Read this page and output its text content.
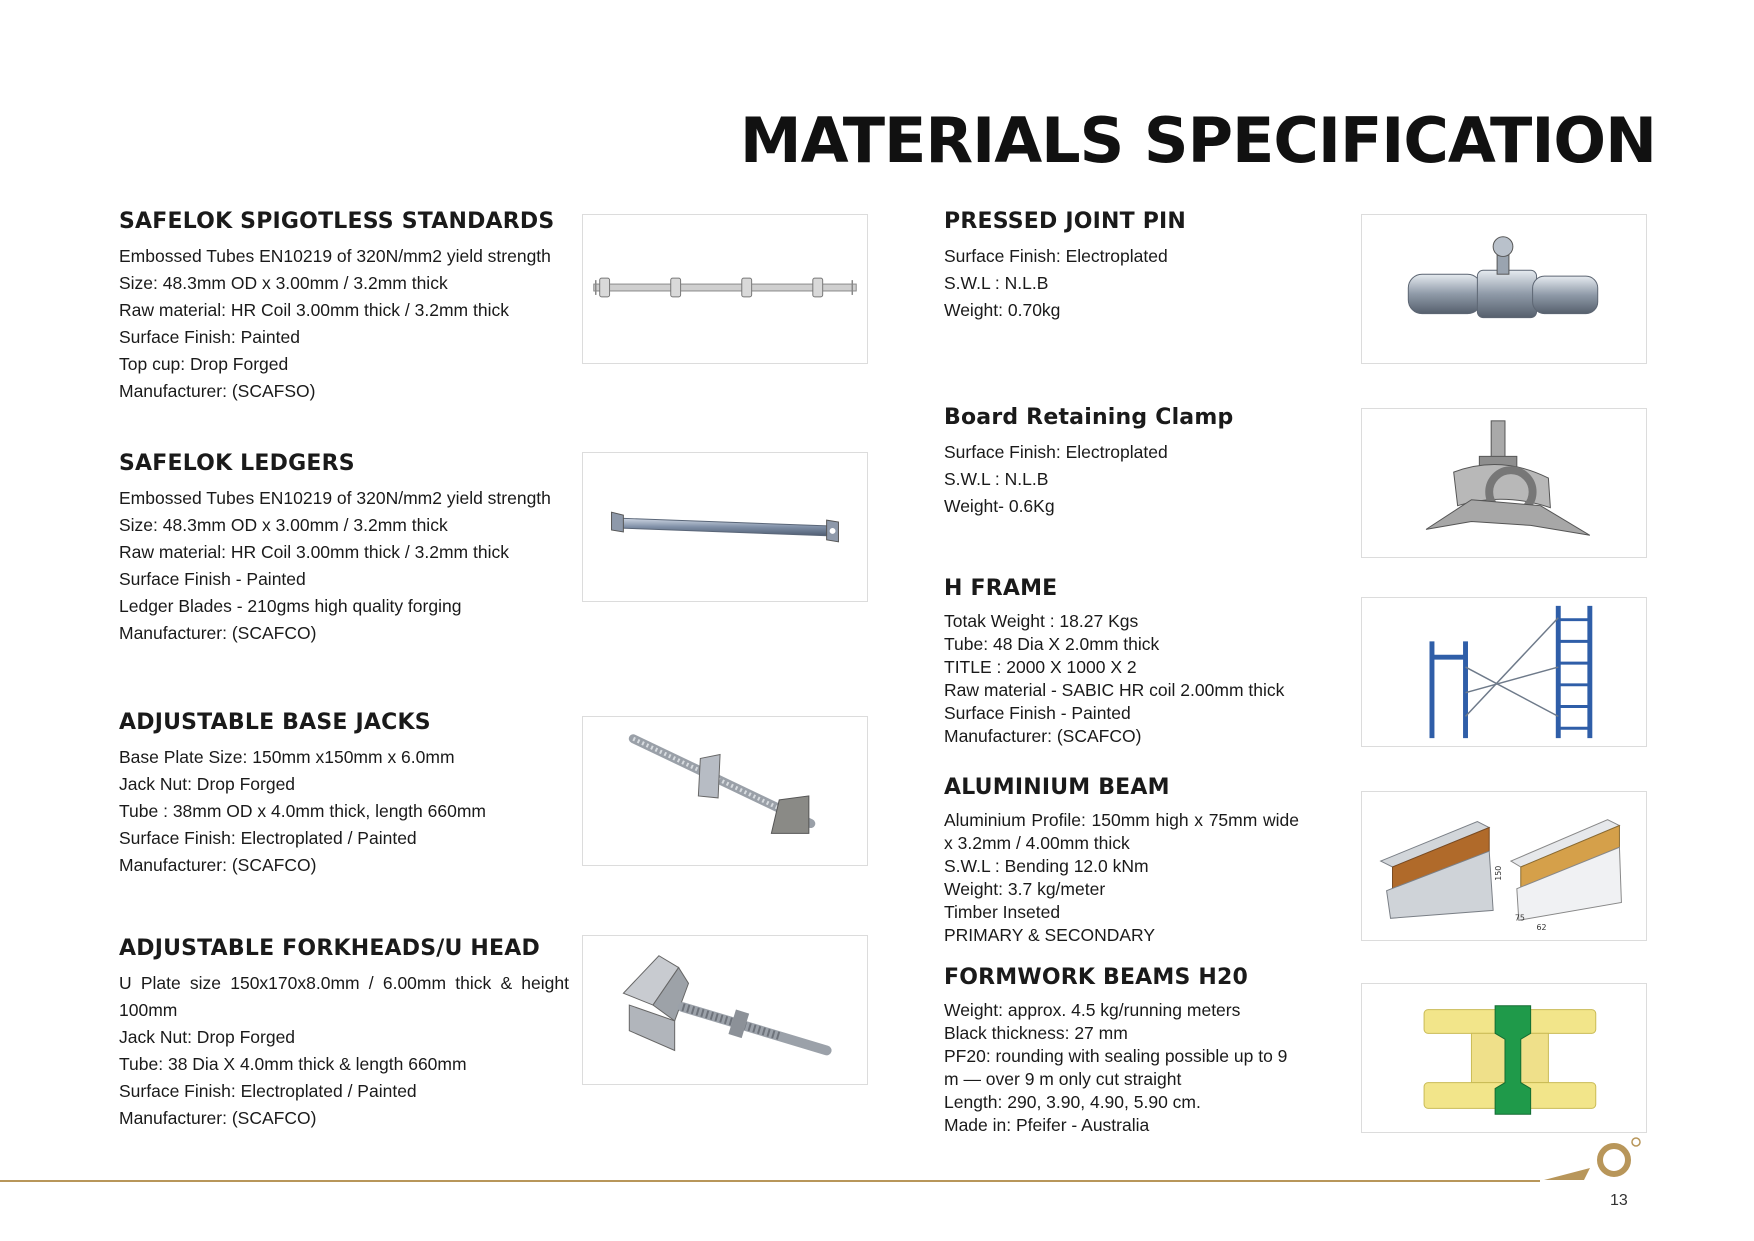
MATERIALS SPECIFICATION
SAFELOK SPIGOTLESS STANDARDS
Embossed Tubes EN10219 of 320N/mm2 yield strength
Size: 48.3mm OD x 3.00mm / 3.2mm thick
Raw material: HR Coil 3.00mm thick / 3.2mm thick
Surface Finish: Painted
Top cup: Drop Forged
Manufacturer: (SCAFSO)
SAFELOK LEDGERS
Embossed Tubes EN10219 of 320N/mm2 yield strength
Size: 48.3mm OD x 3.00mm / 3.2mm thick
Raw material: HR Coil 3.00mm thick / 3.2mm thick
Surface Finish - Painted
Ledger Blades - 210gms high quality forging
Manufacturer: (SCAFCO)
ADJUSTABLE BASE JACKS
Base Plate Size: 150mm x150mm x 6.0mm
Jack Nut: Drop Forged
Tube : 38mm OD x 4.0mm thick, length 660mm
Surface Finish: Electroplated / Painted
Manufacturer: (SCAFCO)
ADJUSTABLE FORKHEADS/U HEAD
U Plate size 150x170x8.0mm / 6.00mm thick & height 100mm
Jack Nut: Drop Forged
Tube: 38 Dia X 4.0mm thick & length 660mm
Surface Finish: Electroplated / Painted
Manufacturer: (SCAFCO)
PRESSED JOINT PIN
Surface Finish: Electroplated
S.W.L : N.L.B
Weight: 0.70kg
Board Retaining Clamp
Surface Finish: Electroplated
S.W.L : N.L.B
Weight- 0.6Kg
H FRAME
Totak Weight : 18.27 Kgs
Tube: 48 Dia X 2.0mm thick
TITLE : 2000 X 1000 X 2
Raw material - SABIC HR coil 2.00mm thick
Surface Finish - Painted
Manufacturer: (SCAFCO)
ALUMINIUM BEAM
Aluminium Profile: 150mm high x 75mm wide x 3.2mm / 4.00mm thick
S.W.L : Bending 12.0 kNm
Weight: 3.7 kg/meter
Timber Inseted
PRIMARY & SECONDARY
FORMWORK BEAMS H20
Weight: approx. 4.5 kg/running meters
Black thickness: 27 mm
PF20: rounding with sealing possible up to 9 m — over 9 m only cut straight
Length: 290, 3.90, 4.90, 5.90 cm.
Made in: Pfeifer - Australia
150
75
62
13
